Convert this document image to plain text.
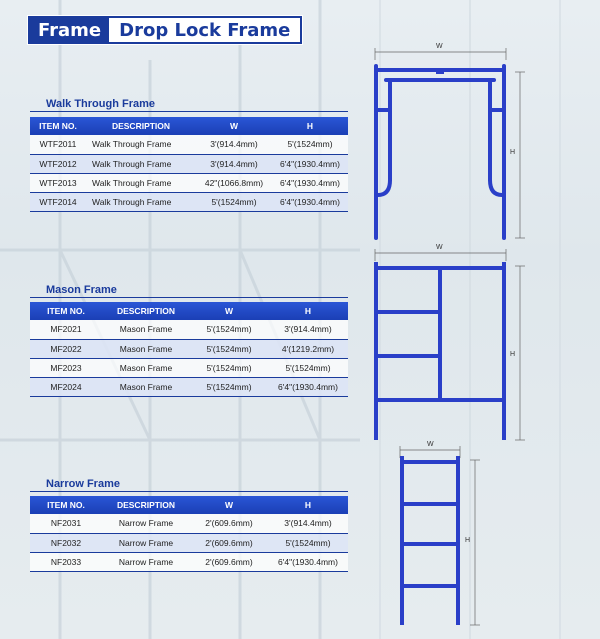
Frame	Drop Lock Frame
Walk Through Frame
ITEM NO.	DESCRIPTION	W	H
WTF2011	Walk Through Frame	3'(914.4mm)	5'(1524mm)
WTF2012	Walk Through Frame	3'(914.4mm)	6'4"(1930.4mm)
WTF2013	Walk Through Frame	42"(1066.8mm)	6'4"(1930.4mm)
WTF2014	Walk Through Frame	5'(1524mm)	6'4"(1930.4mm)
Mason Frame
ITEM NO.	DESCRIPTION	W	H
MF2021	Mason Frame	5'(1524mm)	3'(914.4mm)
MF2022	Mason Frame	5'(1524mm)	4'(1219.2mm)
MF2023	Mason Frame	5'(1524mm)	5'(1524mm)
MF2024	Mason Frame	5'(1524mm)	6'4"(1930.4mm)
Narrow Frame
ITEM NO.	DESCRIPTION	W	H
NF2031	Narrow Frame	2'(609.6mm)	3'(914.4mm)
NF2032	Narrow Frame	2'(609.6mm)	5'(1524mm)
NF2033	Narrow Frame	2'(609.6mm)	6'4"(1930.4mm)
W
H
W
H
W
H
